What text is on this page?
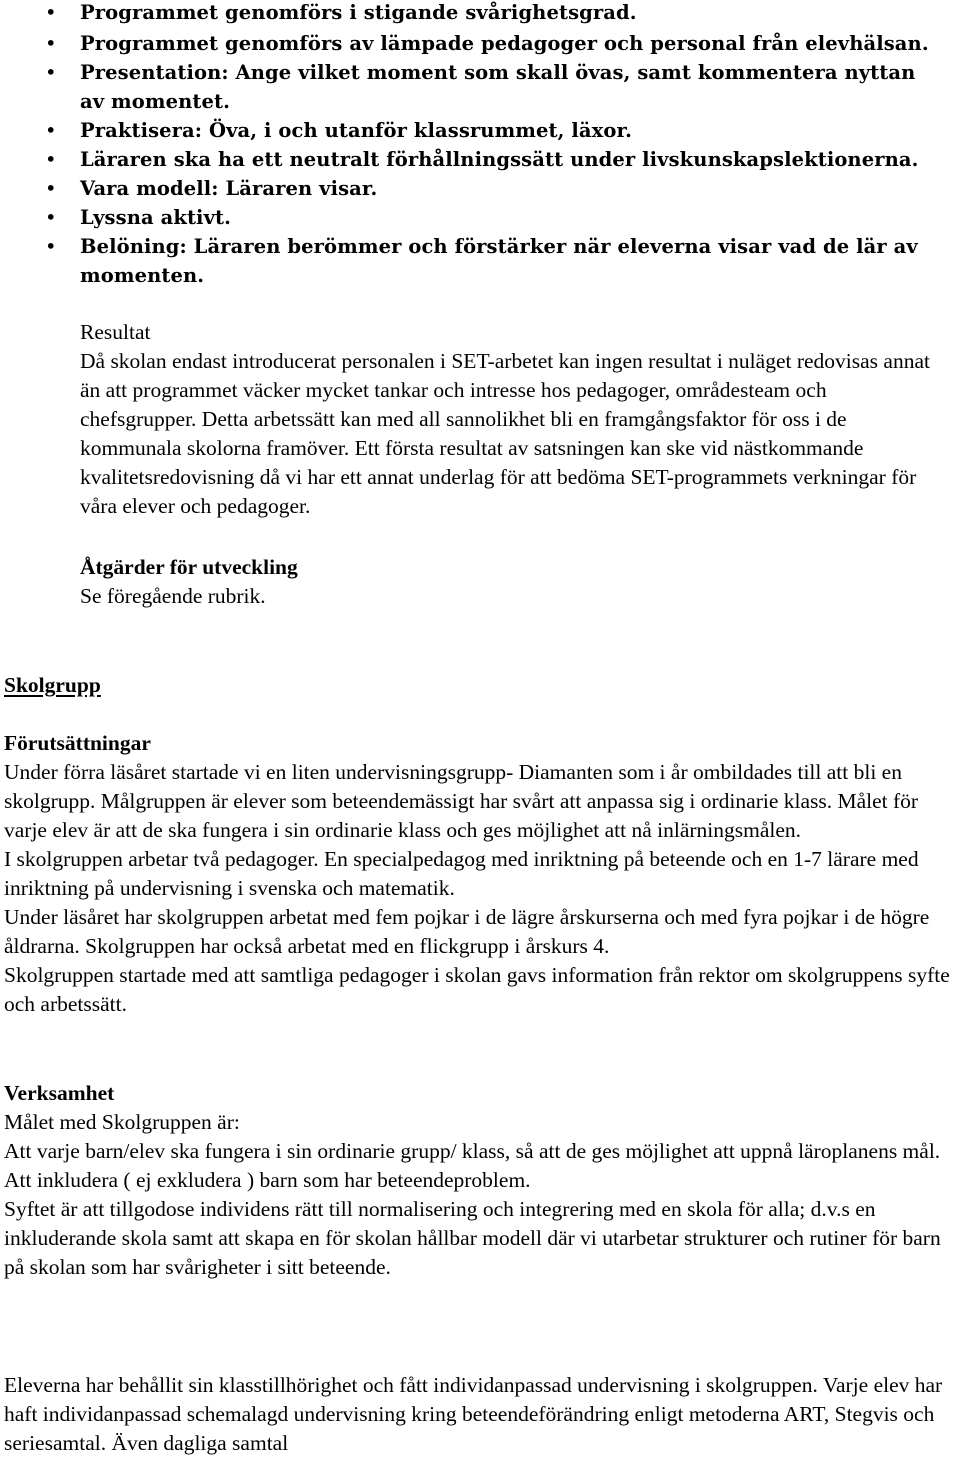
• Programmet genomförs i stigande svårighetsgrad.
• Programmet genomförs av lämpade pedagoger och personal från elevhälsan.
• Presentation: Ange vilket moment som skall övas, samt kommentera nyttan av momentet.
• Praktisera: Öva, i och utanför klassrummet, läxor.
• Läraren ska ha ett neutralt förhållningssätt under livskunskapslektionerna.
• Vara modell: Läraren visar.
• Lyssna aktivt.
• Belöning: Läraren berömmer och förstärker när eleverna visar vad de lär av momenten.
Resultat

Då skolan endast introducerat personalen i SET-arbetet kan ingen resultat i nuläget redovisas annat än att programmet väcker mycket tankar och intresse hos pedagoger, områdesteam och chefsgrupper. Detta arbetssätt kan med all sannolikhet bli en framgångsfaktor för oss i de kommunala skolorna framöver. Ett första resultat av satsningen kan ske vid nästkommande kvalitetsredovisning då vi har ett annat underlag för att bedöma SET-programmets verkningar för våra elever och pedagoger.

Åtgärder för utveckling

Se föregående rubrik.

Skolgrupp
Förutsättningar

Under förra läsåret startade vi en liten undervisningsgrupp- Diamanten som i år ombildades till att bli en skolgrupp. Målgruppen är elever som beteendemässigt har svårt att anpassa sig i ordinarie klass. Målet för varje elev är att de ska fungera i sin ordinarie klass och ges möjlighet att nå inlärningsmålen.

I skolgruppen arbetar två pedagoger. En specialpedagog med inriktning på beteende och en 1-7 lärare med inriktning på undervisning i svenska och matematik.

Under läsåret har skolgruppen arbetat med fem pojkar i de lägre årskurserna och med fyra pojkar i de högre åldrarna. Skolgruppen har också arbetat med en flickgrupp i årskurs 4.

Skolgruppen startade med att samtliga pedagoger i skolan gavs information från rektor om skolgruppens syfte och arbetssätt.

Verksamhet

Målet med Skolgruppen är:

Att varje barn/elev ska fungera i sin ordinarie grupp/ klass, så att de ges möjlighet att uppnå läroplanens mål.

Att inkludera ( ej exkludera ) barn som har beteendeproblem.

Syftet är att tillgodose individens rätt till normalisering och integrering med en skola för alla; d.v.s en inkluderande skola samt att skapa en för skolan hållbar modell där vi utarbetar strukturer och rutiner för barn på skolan som har svårigheter i sitt beteende.

Eleverna har behållit sin klasstillhörighet och fått individanpassad undervisning i skolgruppen. Varje elev har haft individanpassad schemalagd undervisning kring beteendeförändring enligt metoderna ART, Stegvis och seriesamtal. Även dagliga samtal
